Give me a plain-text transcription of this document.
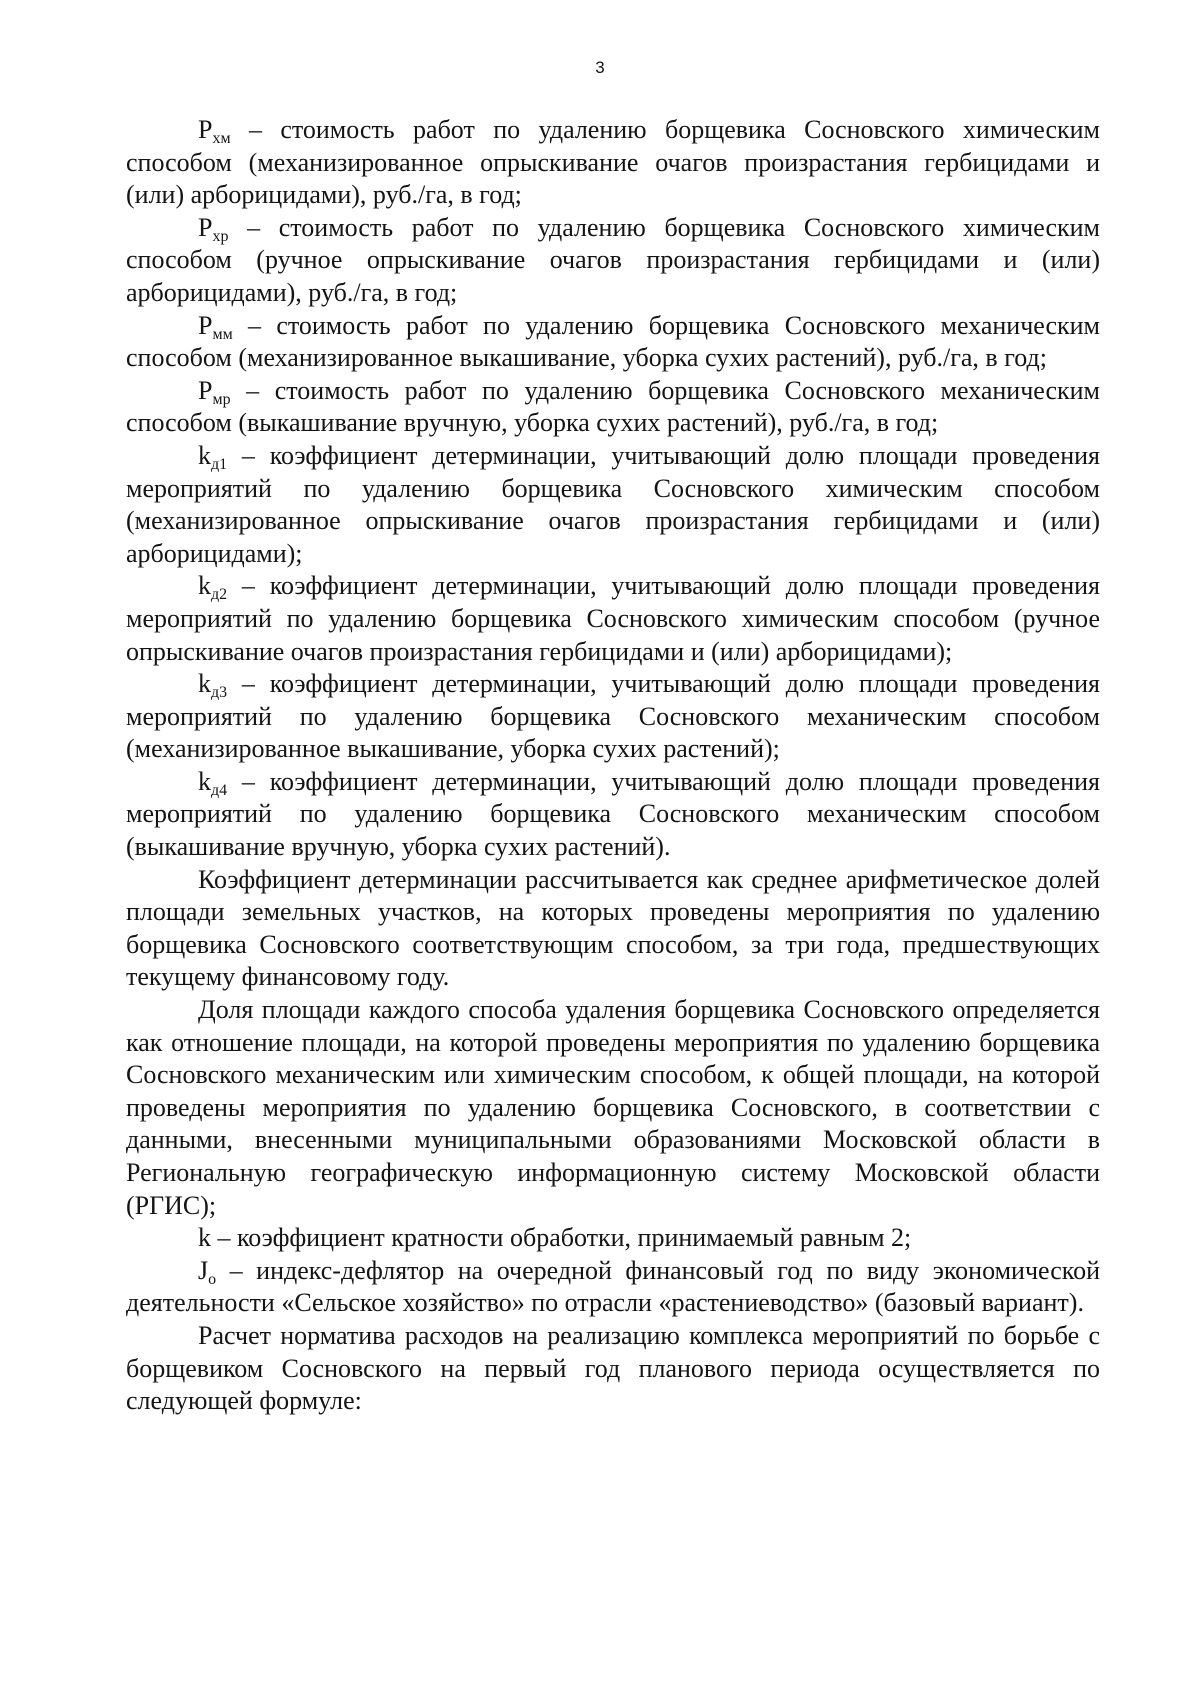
3

$P_{хм}$ – стоимость работ по удалению борщевика Сосновского химическим способом (механизированное опрыскивание очагов произрастания гербицидами и (или) арборицидами), руб./га, в год;

$P_{хр}$ – стоимость работ по удалению борщевика Сосновского химическим способом (ручное опрыскивание очагов произрастания гербицидами и (или) арборицидами), руб./га, в год;

$P_{мм}$ – стоимость работ по удалению борщевика Сосновского механическим способом (механизированное выкашивание, уборка сухих растений), руб./га, в год;

$P_{мр}$ – стоимость работ по удалению борщевика Сосновского механическим способом (выкашивание вручную, уборка сухих растений), руб./га, в год;

$k_{д1}$ – коэффициент детерминации, учитывающий долю площади проведения мероприятий по удалению борщевика Сосновского химическим способом (механизированное опрыскивание очагов произрастания гербицидами и (или) арборицидами);

$k_{д2}$ – коэффициент детерминации, учитывающий долю площади проведения мероприятий по удалению борщевика Сосновского химическим способом (ручное опрыскивание очагов произрастания гербицидами и (или) арборицидами);

$k_{д3}$ – коэффициент детерминации, учитывающий долю площади проведения мероприятий по удалению борщевика Сосновского механическим способом (механизированное выкашивание, уборка сухих растений);

$k_{д4}$ – коэффициент детерминации, учитывающий долю площади проведения мероприятий по удалению борщевика Сосновского механическим способом (выкашивание вручную, уборка сухих растений).

Коэффициент детерминации рассчитывается как среднее арифметическое долей площади земельных участков, на которых проведены мероприятия по удалению борщевика Сосновского соответствующим способом, за три года, предшествующих текущему финансовому году.

Доля площади каждого способа удаления борщевика Сосновского определяется как отношение площади, на которой проведены мероприятия по удалению борщевика Сосновского механическим или химическим способом, к общей площади, на которой проведены мероприятия по удалению борщевика Сосновского, в соответствии с данными, внесенными муниципальными образованиями Московской области в Региональную географическую информационную систему Московской области (РГИС);

k – коэффициент кратности обработки, принимаемый равным 2;

$J_о$ – индекс-дефлятор на очередной финансовый год по виду экономической деятельности «Сельское хозяйство» по отрасли «растениеводство» (базовый вариант).

Расчет норматива расходов на реализацию комплекса мероприятий по борьбе с борщевиком Сосновского на первый год планового периода осуществляется по следующей формуле:
